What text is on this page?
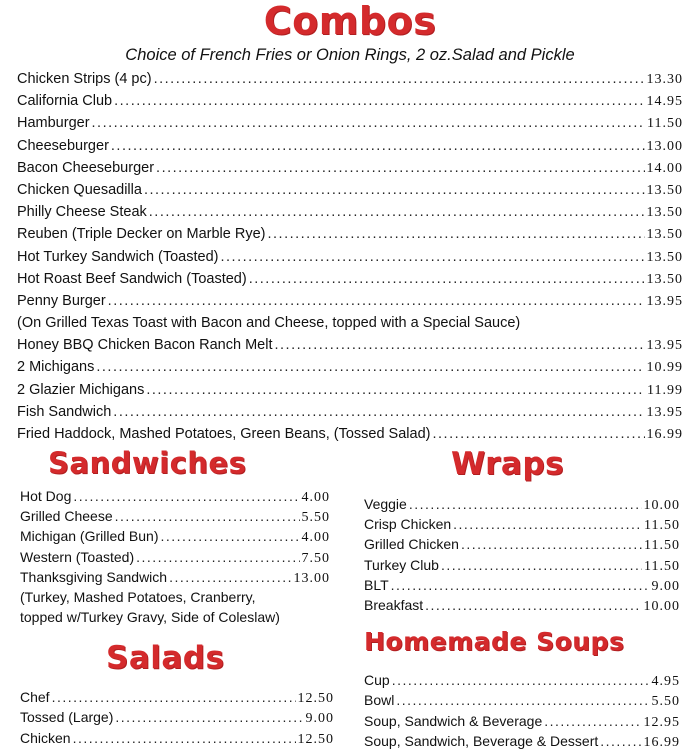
Combos

Choice of French Fries or Onion Rings, 2 oz.Salad and Pickle

Chicken Strips (4 pc) .....	13.30
California Club .....	14.95
Hamburger .....	11.50
Cheeseburger .....	13.00
Bacon Cheeseburger .....	14.00
Chicken Quesadilla .....	13.50
Philly Cheese Steak .....	13.50
Reuben (Triple Decker on Marble Rye) .....	13.50
Hot Turkey Sandwich (Toasted) .....	13.50
Hot Roast Beef Sandwich (Toasted) .....	13.50
Penny Burger .....	13.95
(On Grilled Texas Toast with Bacon and Cheese, topped with a Special Sauce)
Honey BBQ Chicken Bacon Ranch Melt .....	13.95
2 Michigans .....	10.99
2 Glazier Michigans .....	11.99
Fish Sandwich .....	13.95
Fried Haddock, Mashed Potatoes, Green Beans, (Tossed Salad) .....	16.99
Sandwiches
Hot Dog .....	4.00
Grilled Cheese .....	5.50
Michigan (Grilled Bun) .....	4.00
Western (Toasted) .....	7.50
Thanksgiving Sandwich .....	13.00
(Turkey, Mashed Potatoes, Cranberry,
topped w/Turkey Gravy, Side of Coleslaw)
Salads
Chef .....	12.50
Tossed (Large) .....	9.00
Chicken .....	12.50
Wraps
Veggie .....	10.00
Crisp Chicken .....	11.50
Grilled Chicken .....	11.50
Turkey Club .....	11.50
BLT .....	9.00
Breakfast .....	10.00
Homemade Soups
Cup .....	4.95
Bowl .....	5.50
Soup, Sandwich & Beverage .....	12.95
Soup, Sandwich, Beverage & Dessert .....	16.99
